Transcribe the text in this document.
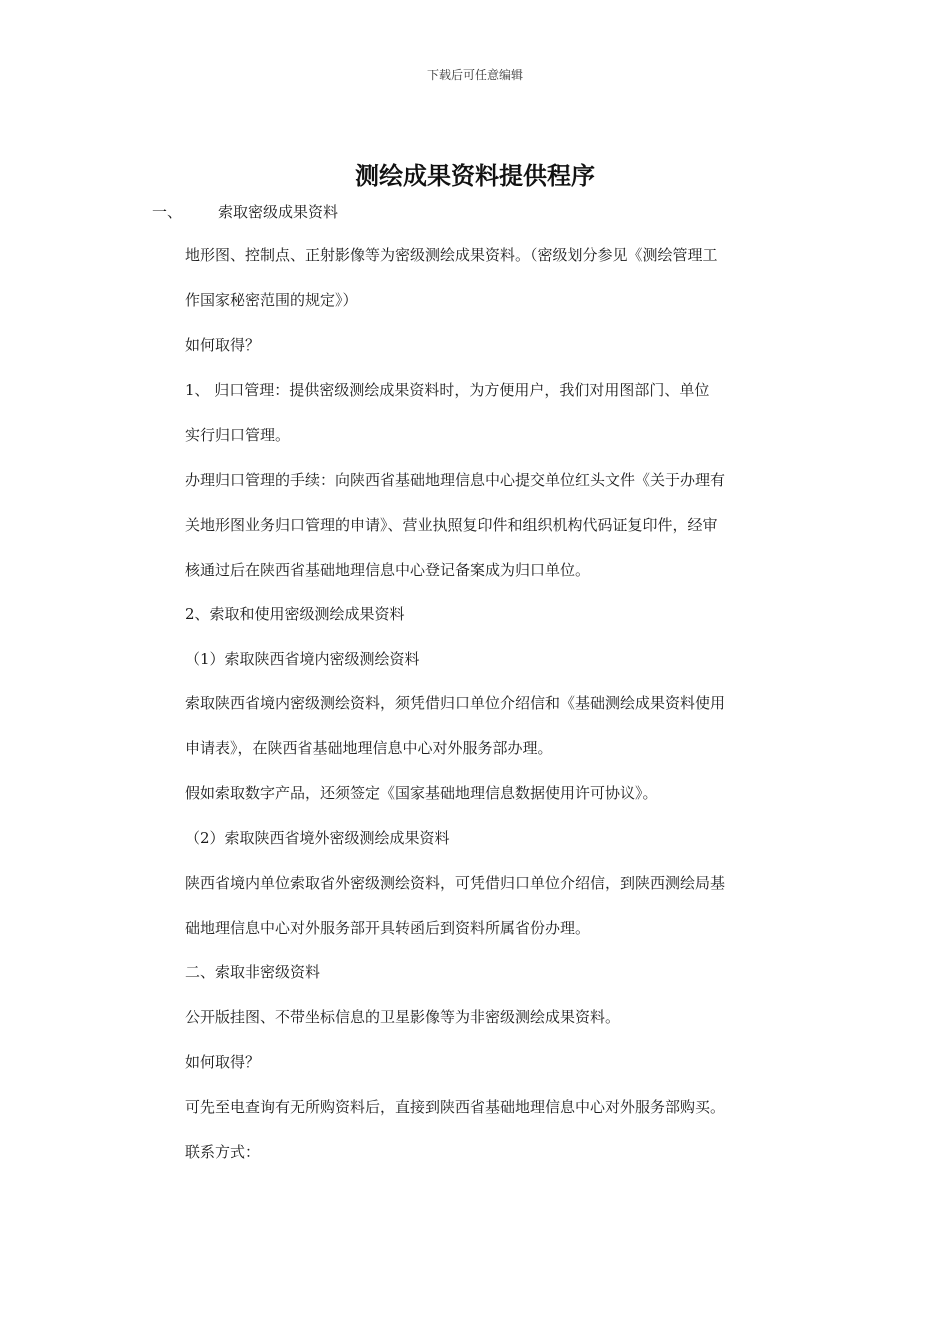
下载后可任意编辑
测绘成果资料提供程序
一、 索取密级成果资料

地形图、控制点、正射影像等为密级测绘成果资料。（密级划分参见《测绘管理工

作国家秘密范围的规定》）

如何取得？

1、 归口管理：提供密级测绘成果资料时，为方便用户，我们对用图部门、单位

实行归口管理。

办理归口管理的手续：向陕西省基础地理信息中心提交单位红头文件《关于办理有

关地形图业务归口管理的申请》、营业执照复印件和组织机构代码证复印件，经审

核通过后在陕西省基础地理信息中心登记备案成为归口单位。

2、索取和使用密级测绘成果资料

（1）索取陕西省境内密级测绘资料

索取陕西省境内密级测绘资料，须凭借归口单位介绍信和《基础测绘成果资料使用

申请表》，在陕西省基础地理信息中心对外服务部办理。

假如索取数字产品，还须签定《国家基础地理信息数据使用许可协议》。

（2）索取陕西省境外密级测绘成果资料

陕西省境内单位索取省外密级测绘资料，可凭借归口单位介绍信，到陕西测绘局基

础地理信息中心对外服务部开具转函后到资料所属省份办理。

二、索取非密级资料

公开版挂图、不带坐标信息的卫星影像等为非密级测绘成果资料。

如何取得？

可先至电查询有无所购资料后，直接到陕西省基础地理信息中心对外服务部购买。

联系方式：
